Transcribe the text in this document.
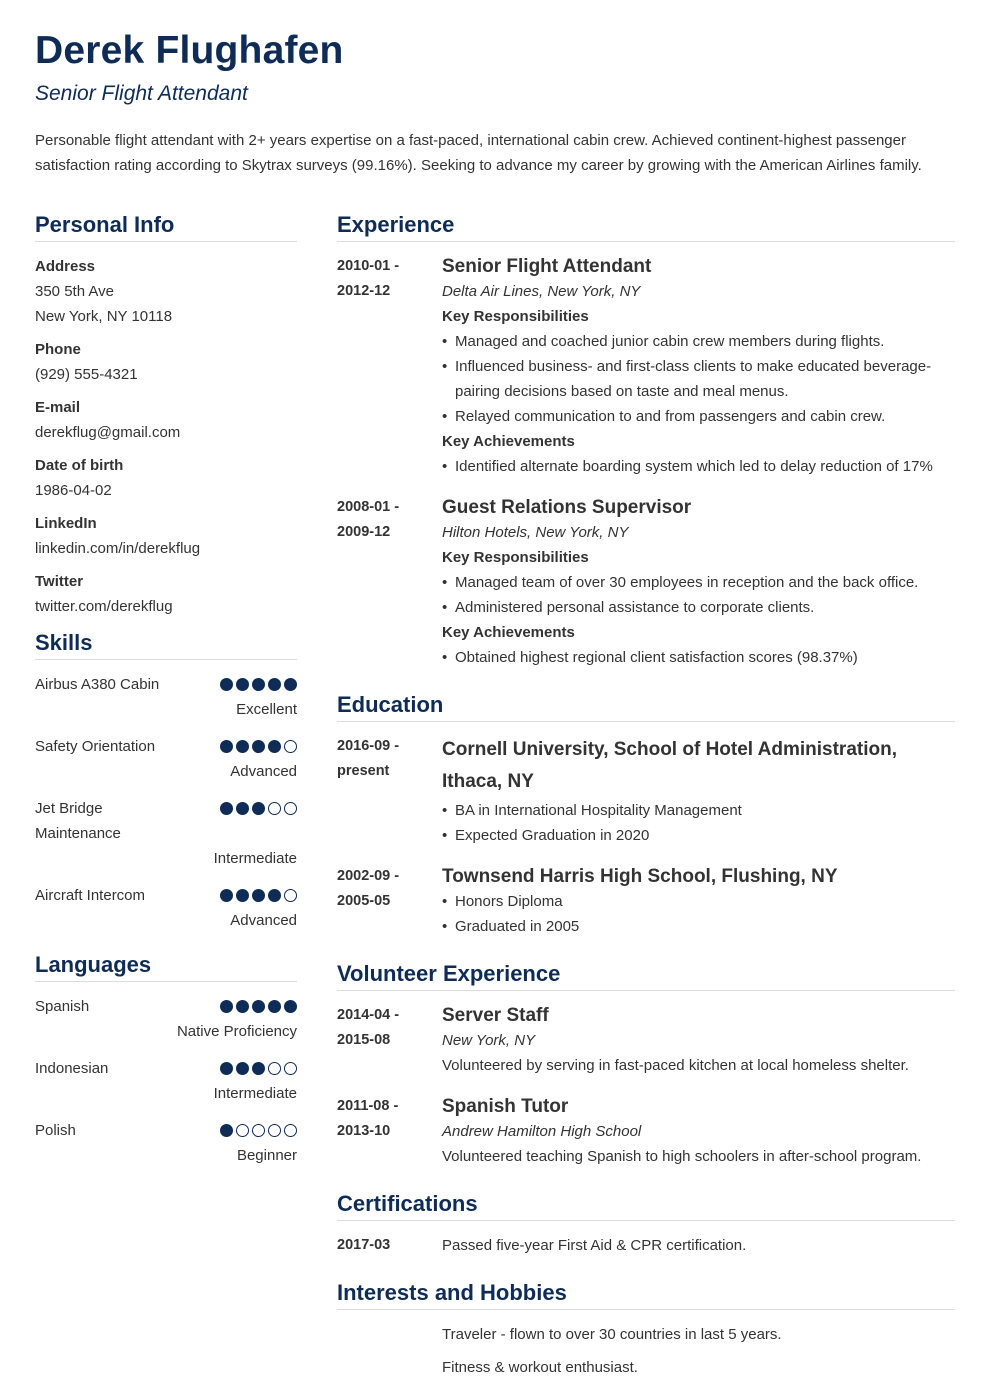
Derek Flughafen
Senior Flight Attendant

Personable flight attendant with 2+ years expertise on a fast-paced, international cabin crew. Achieved continent-highest passenger satisfaction rating according to Skytrax surveys (99.16%). Seeking to advance my career by growing with the American Airlines family.

Personal Info
Address
350 5th Ave
New York, NY 10118
Phone
(929) 555-4321
E-mail
derekflug@gmail.com
Date of birth
1986-04-02
LinkedIn
linkedin.com/in/derekflug
Twitter
twitter.com/derekflug
Skills
Airbus A380 Cabin
Excellent
Safety Orientation
Advanced
Jet Bridge Maintenance
Intermediate
Aircraft Intercom
Advanced
Languages
Spanish
Native Proficiency
Indonesian
Intermediate
Polish
Beginner
Experience
2010-01 -
2012-12
Senior Flight Attendant
Delta Air Lines, New York, NY
Key Responsibilities
• Managed and coached junior cabin crew members during flights.
• Influenced business- and first-class clients to make educated beverage-pairing decisions based on taste and meal menus.
• Relayed communication to and from passengers and cabin crew.
Key Achievements
• Identified alternate boarding system which led to delay reduction of 17%
2008-01 -
2009-12
Guest Relations Supervisor
Hilton Hotels, New York, NY
Key Responsibilities
• Managed team of over 30 employees in reception and the back office.
• Administered personal assistance to corporate clients.
Key Achievements
• Obtained highest regional client satisfaction scores (98.37%)
Education
2016-09 -
present
Cornell University, School of Hotel Administration, Ithaca, NY
• BA in International Hospitality Management
• Expected Graduation in 2020
2002-09 -
2005-05
Townsend Harris High School, Flushing, NY
• Honors Diploma
• Graduated in 2005
Volunteer Experience
2014-04 -
2015-08
Server Staff
New York, NY
Volunteered by serving in fast-paced kitchen at local homeless shelter.
2011-08 -
2013-10
Spanish Tutor
Andrew Hamilton High School
Volunteered teaching Spanish to high schoolers in after-school program.
Certifications
2017-03	Passed five-year First Aid & CPR certification.
Interests and Hobbies
Traveler - flown to over 30 countries in last 5 years.
Fitness & workout enthusiast.
